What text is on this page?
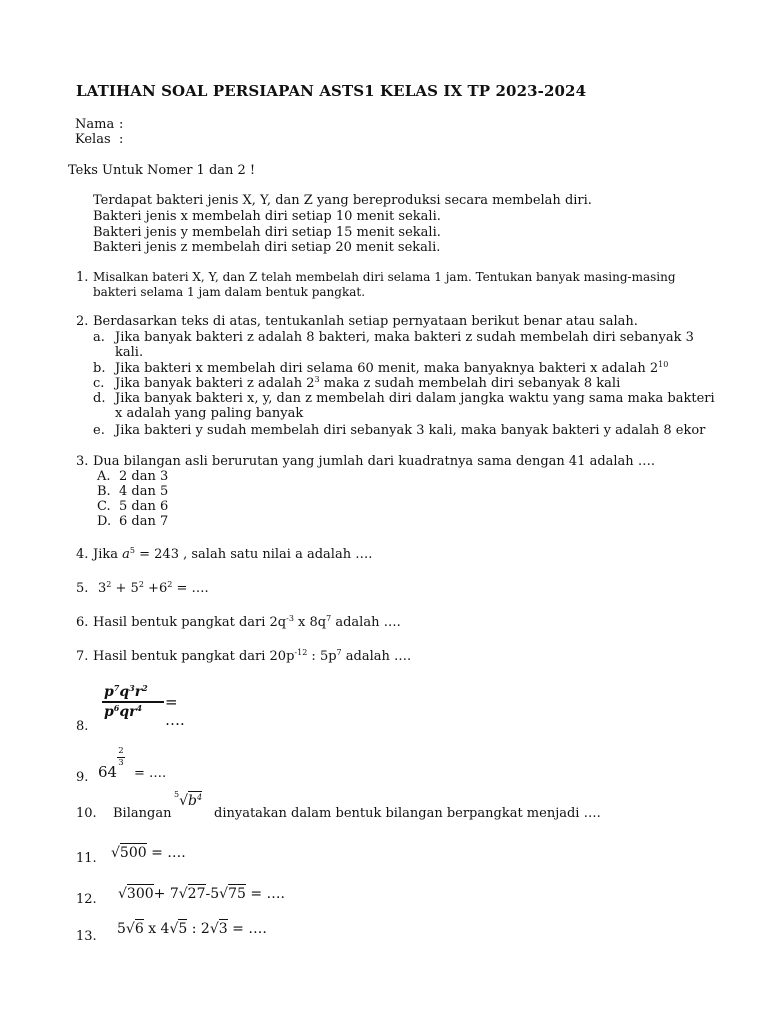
LATIHAN SOAL PERSIAPAN ASTS1 KELAS IX TP 2023-2024
Nama :
Kelas :
Teks Untuk Nomer 1 dan 2 !
Terdapat bakteri jenis X, Y, dan Z yang bereproduksi secara membelah diri.
Bakteri jenis x membelah diri setiap 10 menit sekali.
Bakteri jenis y membelah diri setiap 15 menit sekali.
Bakteri jenis z membelah diri setiap 20 menit sekali.
1. Misalkan bateri X, Y, dan Z telah membelah diri selama 1 jam. Tentukan banyak masing-masing
bakteri selama 1 jam dalam bentuk pangkat.
2. Berdasarkan teks di atas, tentukanlah setiap pernyataan berikut benar atau salah.
a. Jika banyak bakteri z adalah 8 bakteri, maka bakteri z sudah membelah diri sebanyak 3
kali.
b. Jika bakteri x membelah diri selama 60 menit, maka banyaknya bakteri x adalah $2^{10}$
c. Jika banyak bakteri z adalah $2^3$ maka z sudah membelah diri sebanyak 8 kali
d. Jika banyak bakteri x, y, dan z membelah diri dalam jangka waktu yang sama maka bakteri
x adalah yang paling banyak
e. Jika bakteri y sudah membelah diri sebanyak 3 kali, maka banyak bakteri y adalah 8 ekor
3. Dua bilangan asli berurutan yang jumlah dari kuadratnya sama dengan 41 adalah ….
A. 2 dan 3
B. 4 dan 5
C. 5 dan 6
D. 6 dan 7
4. Jika $a^5 = 243$ , salah satu nilai a adalah ….
5. $3^2 + 5^2 +6^2$ = ….
6. Hasil bentuk pangkat dari $2q^{-3}$ x $8q^7$ adalah ….
7. Hasil bentuk pangkat dari $20p^{-12}$ : $5p^7$ adalah ….
8.
$p^7q^3r^2$
$p^6qr^4$	= ….
9. 64
2
3
= ….
10. Bilangan
$^5√b^4$
dinyatakan dalam bentuk bilangan berpangkat menjadi ….
11. √500 = ….
12. √300+ 7√27-5√75 = ….
13. 5√6 x 4√5 : 2√3 = ….
